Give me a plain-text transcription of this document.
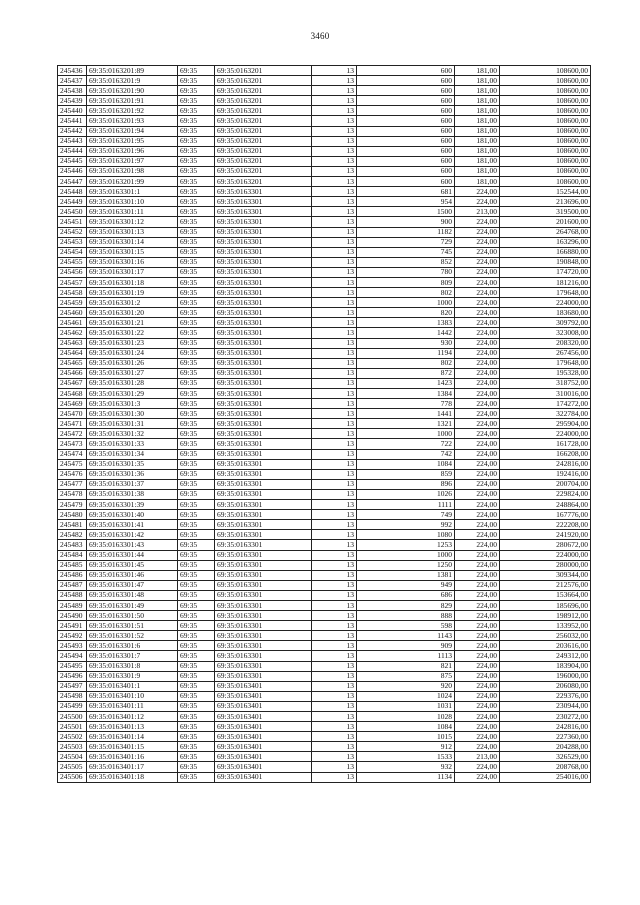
3460
245436	69:35:0163201:89	69:35	69:35:0163201	13	600	181,00	108600,00
245437	69:35:0163201:9	69:35	69:35:0163201	13	600	181,00	108600,00
245438	69:35:0163201:90	69:35	69:35:0163201	13	600	181,00	108600,00
245439	69:35:0163201:91	69:35	69:35:0163201	13	600	181,00	108600,00
245440	69:35:0163201:92	69:35	69:35:0163201	13	600	181,00	108600,00
245441	69:35:0163201:93	69:35	69:35:0163201	13	600	181,00	108600,00
245442	69:35:0163201:94	69:35	69:35:0163201	13	600	181,00	108600,00
245443	69:35:0163201:95	69:35	69:35:0163201	13	600	181,00	108600,00
245444	69:35:0163201:96	69:35	69:35:0163201	13	600	181,00	108600,00
245445	69:35:0163201:97	69:35	69:35:0163201	13	600	181,00	108600,00
245446	69:35:0163201:98	69:35	69:35:0163201	13	600	181,00	108600,00
245447	69:35:0163201:99	69:35	69:35:0163201	13	600	181,00	108600,00
245448	69:35:0163301:1	69:35	69:35:0163301	13	681	224,00	152544,00
245449	69:35:0163301:10	69:35	69:35:0163301	13	954	224,00	213696,00
245450	69:35:0163301:11	69:35	69:35:0163301	13	1500	213,00	319500,00
245451	69:35:0163301:12	69:35	69:35:0163301	13	900	224,00	201600,00
245452	69:35:0163301:13	69:35	69:35:0163301	13	1182	224,00	264768,00
245453	69:35:0163301:14	69:35	69:35:0163301	13	729	224,00	163296,00
245454	69:35:0163301:15	69:35	69:35:0163301	13	745	224,00	166880,00
245455	69:35:0163301:16	69:35	69:35:0163301	13	852	224,00	190848,00
245456	69:35:0163301:17	69:35	69:35:0163301	13	780	224,00	174720,00
245457	69:35:0163301:18	69:35	69:35:0163301	13	809	224,00	181216,00
245458	69:35:0163301:19	69:35	69:35:0163301	13	802	224,00	179648,00
245459	69:35:0163301:2	69:35	69:35:0163301	13	1000	224,00	224000,00
245460	69:35:0163301:20	69:35	69:35:0163301	13	820	224,00	183680,00
245461	69:35:0163301:21	69:35	69:35:0163301	13	1383	224,00	309792,00
245462	69:35:0163301:22	69:35	69:35:0163301	13	1442	224,00	323008,00
245463	69:35:0163301:23	69:35	69:35:0163301	13	930	224,00	208320,00
245464	69:35:0163301:24	69:35	69:35:0163301	13	1194	224,00	267456,00
245465	69:35:0163301:26	69:35	69:35:0163301	13	802	224,00	179648,00
245466	69:35:0163301:27	69:35	69:35:0163301	13	872	224,00	195328,00
245467	69:35:0163301:28	69:35	69:35:0163301	13	1423	224,00	318752,00
245468	69:35:0163301:29	69:35	69:35:0163301	13	1384	224,00	310016,00
245469	69:35:0163301:3	69:35	69:35:0163301	13	778	224,00	174272,00
245470	69:35:0163301:30	69:35	69:35:0163301	13	1441	224,00	322784,00
245471	69:35:0163301:31	69:35	69:35:0163301	13	1321	224,00	295904,00
245472	69:35:0163301:32	69:35	69:35:0163301	13	1000	224,00	224000,00
245473	69:35:0163301:33	69:35	69:35:0163301	13	722	224,00	161728,00
245474	69:35:0163301:34	69:35	69:35:0163301	13	742	224,00	166208,00
245475	69:35:0163301:35	69:35	69:35:0163301	13	1084	224,00	242816,00
245476	69:35:0163301:36	69:35	69:35:0163301	13	859	224,00	192416,00
245477	69:35:0163301:37	69:35	69:35:0163301	13	896	224,00	200704,00
245478	69:35:0163301:38	69:35	69:35:0163301	13	1026	224,00	229824,00
245479	69:35:0163301:39	69:35	69:35:0163301	13	1111	224,00	248864,00
245480	69:35:0163301:40	69:35	69:35:0163301	13	749	224,00	167776,00
245481	69:35:0163301:41	69:35	69:35:0163301	13	992	224,00	222208,00
245482	69:35:0163301:42	69:35	69:35:0163301	13	1080	224,00	241920,00
245483	69:35:0163301:43	69:35	69:35:0163301	13	1253	224,00	280672,00
245484	69:35:0163301:44	69:35	69:35:0163301	13	1000	224,00	224000,00
245485	69:35:0163301:45	69:35	69:35:0163301	13	1250	224,00	280000,00
245486	69:35:0163301:46	69:35	69:35:0163301	13	1381	224,00	309344,00
245487	69:35:0163301:47	69:35	69:35:0163301	13	949	224,00	212576,00
245488	69:35:0163301:48	69:35	69:35:0163301	13	686	224,00	153664,00
245489	69:35:0163301:49	69:35	69:35:0163301	13	829	224,00	185696,00
245490	69:35:0163301:50	69:35	69:35:0163301	13	888	224,00	198912,00
245491	69:35:0163301:51	69:35	69:35:0163301	13	598	224,00	133952,00
245492	69:35:0163301:52	69:35	69:35:0163301	13	1143	224,00	256032,00
245493	69:35:0163301:6	69:35	69:35:0163301	13	909	224,00	203616,00
245494	69:35:0163301:7	69:35	69:35:0163301	13	1113	224,00	249312,00
245495	69:35:0163301:8	69:35	69:35:0163301	13	821	224,00	183904,00
245496	69:35:0163301:9	69:35	69:35:0163301	13	875	224,00	196000,00
245497	69:35:0163401:1	69:35	69:35:0163401	13	920	224,00	206080,00
245498	69:35:0163401:10	69:35	69:35:0163401	13	1024	224,00	229376,00
245499	69:35:0163401:11	69:35	69:35:0163401	13	1031	224,00	230944,00
245500	69:35:0163401:12	69:35	69:35:0163401	13	1028	224,00	230272,00
245501	69:35:0163401:13	69:35	69:35:0163401	13	1084	224,00	242816,00
245502	69:35:0163401:14	69:35	69:35:0163401	13	1015	224,00	227360,00
245503	69:35:0163401:15	69:35	69:35:0163401	13	912	224,00	204288,00
245504	69:35:0163401:16	69:35	69:35:0163401	13	1533	213,00	326529,00
245505	69:35:0163401:17	69:35	69:35:0163401	13	932	224,00	208768,00
245506	69:35:0163401:18	69:35	69:35:0163401	13	1134	224,00	254016,00
